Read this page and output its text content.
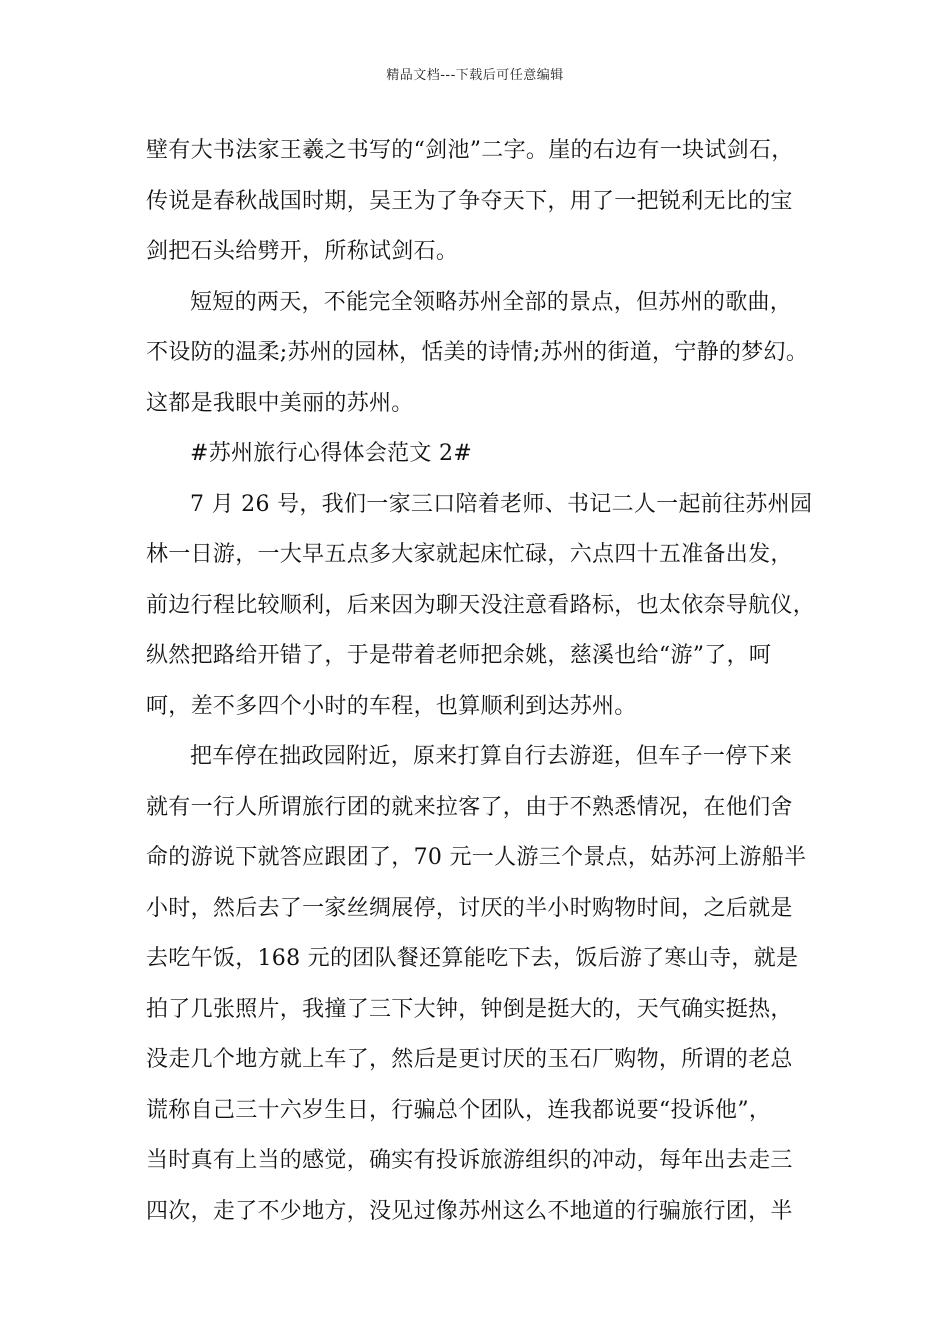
精品文档---下载后可任意编辑
壁有大书法家王羲之书写的“剑池”二字。崖的右边有一块试剑石，
传说是春秋战国时期，吴王为了争夺天下，用了一把锐利无比的宝
剑把石头给劈开，所称试剑石。
短短的两天，不能完全领略苏州全部的景点，但苏州的歌曲，
不设防的温柔;苏州的园林，恬美的诗情;苏州的街道，宁静的梦幻。
这都是我眼中美丽的苏州。
#苏州旅行心得体会范文 2#
7 月 26 号，我们一家三口陪着老师、书记二人一起前往苏州园
林一日游，一大早五点多大家就起床忙碌，六点四十五准备出发，
前边行程比较顺利，后来因为聊天没注意看路标，也太依奈导航仪，
纵然把路给开错了，于是带着老师把余姚，慈溪也给“游”了，呵
呵，差不多四个小时的车程，也算顺利到达苏州。
把车停在拙政园附近，原来打算自行去游逛，但车子一停下来
就有一行人所谓旅行团的就来拉客了，由于不熟悉情况，在他们舍
命的游说下就答应跟团了，70 元一人游三个景点，姑苏河上游船半
小时，然后去了一家丝绸展停，讨厌的半小时购物时间，之后就是
去吃午饭，168 元的团队餐还算能吃下去，饭后游了寒山寺，就是
拍了几张照片，我撞了三下大钟，钟倒是挺大的，天气确实挺热，
没走几个地方就上车了，然后是更讨厌的玉石厂购物，所谓的老总
谎称自己三十六岁生日，行骗总个团队，连我都说要“投诉他”，
当时真有上当的感觉，确实有投诉旅游组织的冲动，每年出去走三
四次，走了不少地方，没见过像苏州这么不地道的行骗旅行团，半
